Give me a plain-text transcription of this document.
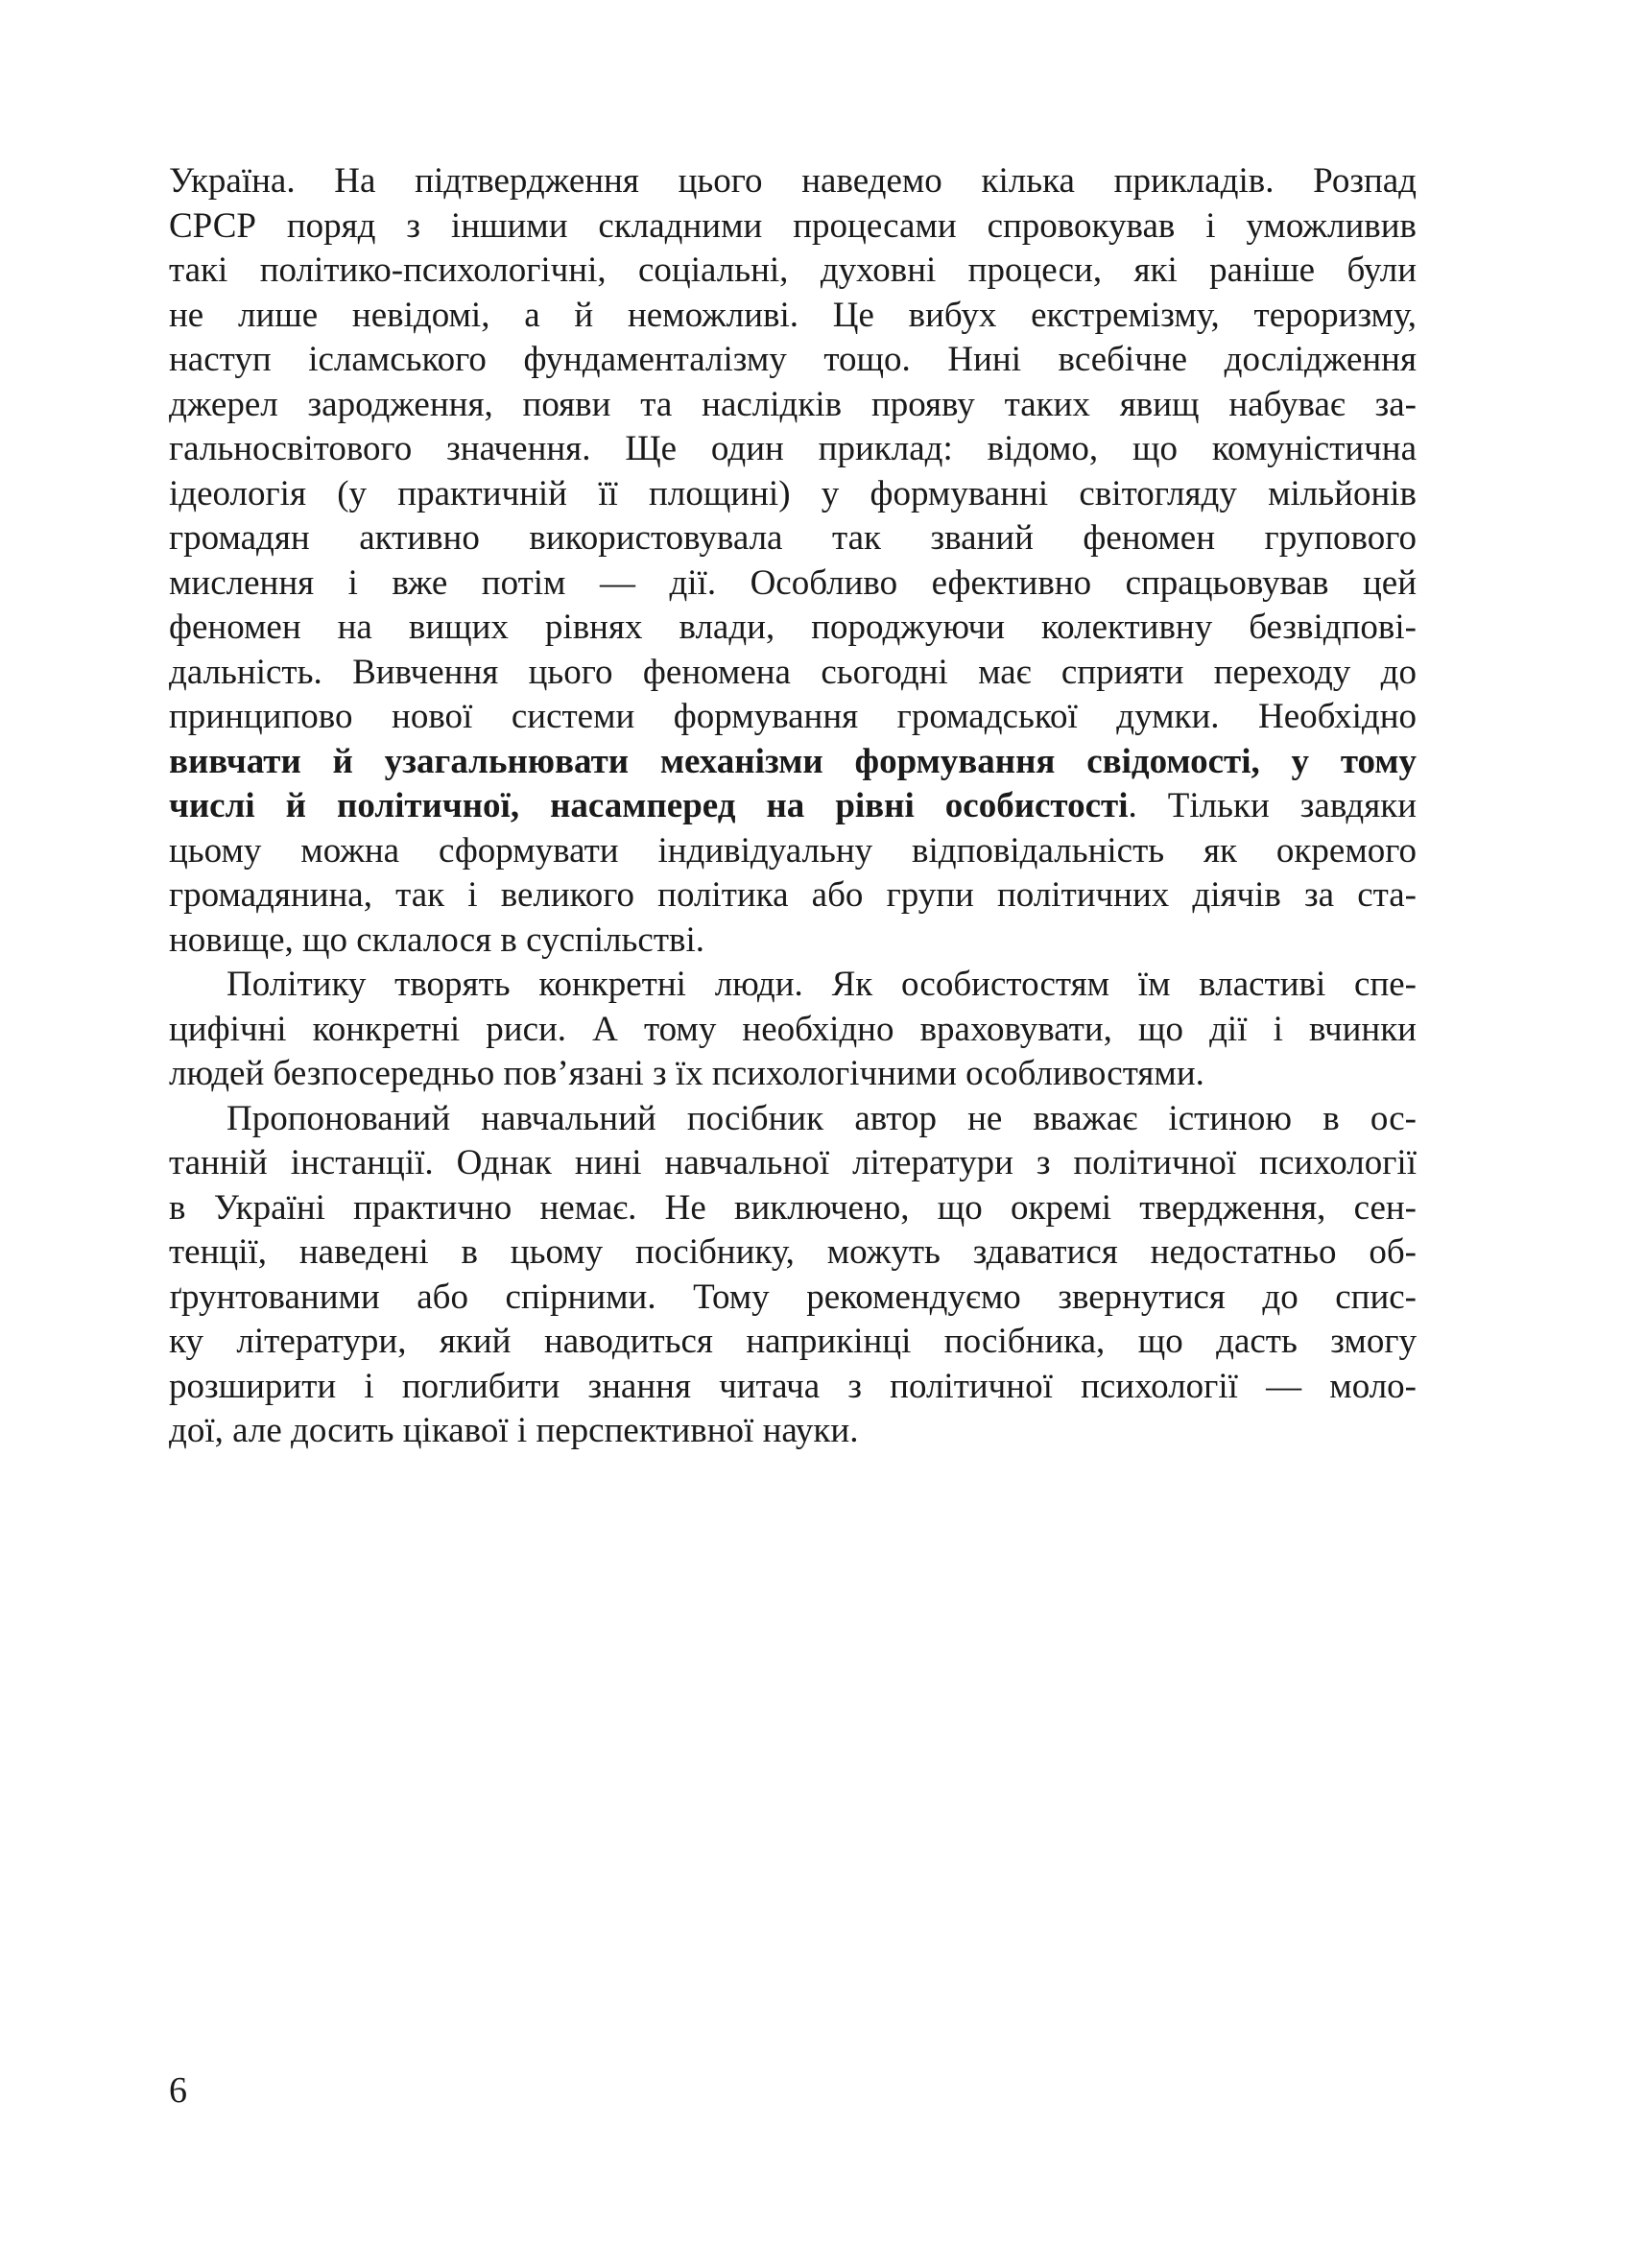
Україна. На підтвердження цього наведемо кілька прикладів. Розпад
СРСР поряд з іншими складними процесами спровокував і уможливив
такі політико-психологічні, соціальні, духовні процеси, які раніше були
не лише невідомі, а й неможливі. Це вибух екстремізму, тероризму,
наступ ісламського фундаменталізму тощо. Нині всебічне дослідження
джерел зародження, появи та наслідків прояву таких явищ набуває за-
гальносвітового значення. Ще один приклад: відомо, що комуністична
ідеологія (у практичній її площині) у формуванні світогляду мільйонів
громадян активно використовувала так званий феномен групового
мислення і вже потім — дії. Особливо ефективно спрацьовував цей
феномен на вищих рівнях влади, породжуючи колективну безвідпові-
дальність. Вивчення цього феномена сьогодні має сприяти переходу до
принципово нової системи формування громадської думки. Необхідно
вивчати й узагальнювати механізми формування свідомості, у тому
числі й політичної, насамперед на рівні особистості. Тільки завдяки
цьому можна сформувати індивідуальну відповідальність як окремого
громадянина, так і великого політика або групи політичних діячів за ста-
новище, що склалося в суспільстві.
Політику творять конкретні люди. Як особистостям їм властиві спе-
цифічні конкретні риси. А тому необхідно враховувати, що дії і вчинки
людей безпосередньо пов’язані з їх психологічними особливостями.
Пропонований навчальний посібник автор не вважає істиною в ос-
танній інстанції. Однак нині навчальної літератури з політичної психології
в Україні практично немає. Не виключено, що окремі твердження, сен-
тенції, наведені в цьому посібнику, можуть здаватися недостатньо об-
ґрунтованими або спірними. Тому рекомендуємо звернутися до спис-
ку літератури, який наводиться наприкінці посібника, що дасть змогу
розширити і поглибити знання читача з політичної психології — моло-
дої, але досить цікавої і перспективної науки.
6
